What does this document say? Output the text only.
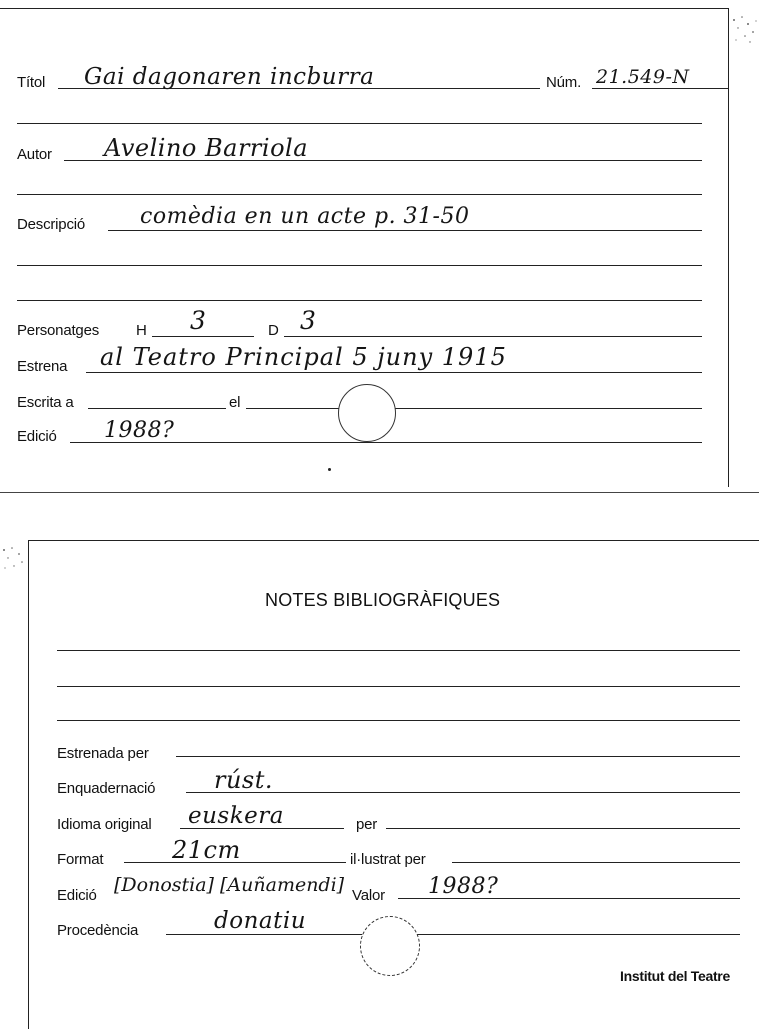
Títol Gai dagonaren incburra	Núm. 21.549-N
Autor Avelino Barriola
Descripció comèdia en un acte p. 31-50
Personatges H 3	D 3
Estrena al Teatro Principal 5 juny 1915
Escrita a	el
Edició 1988?
NOTES BIBLIOGRÀFIQUES
Estrenada per
Enquadernació rúst.
Idioma original euskera	per
Format	21cm	il·lustrat per
Edició [Donostia] [Auñamendi] Valor 1988?
Procedència	donatiu
Institut del Teatre
